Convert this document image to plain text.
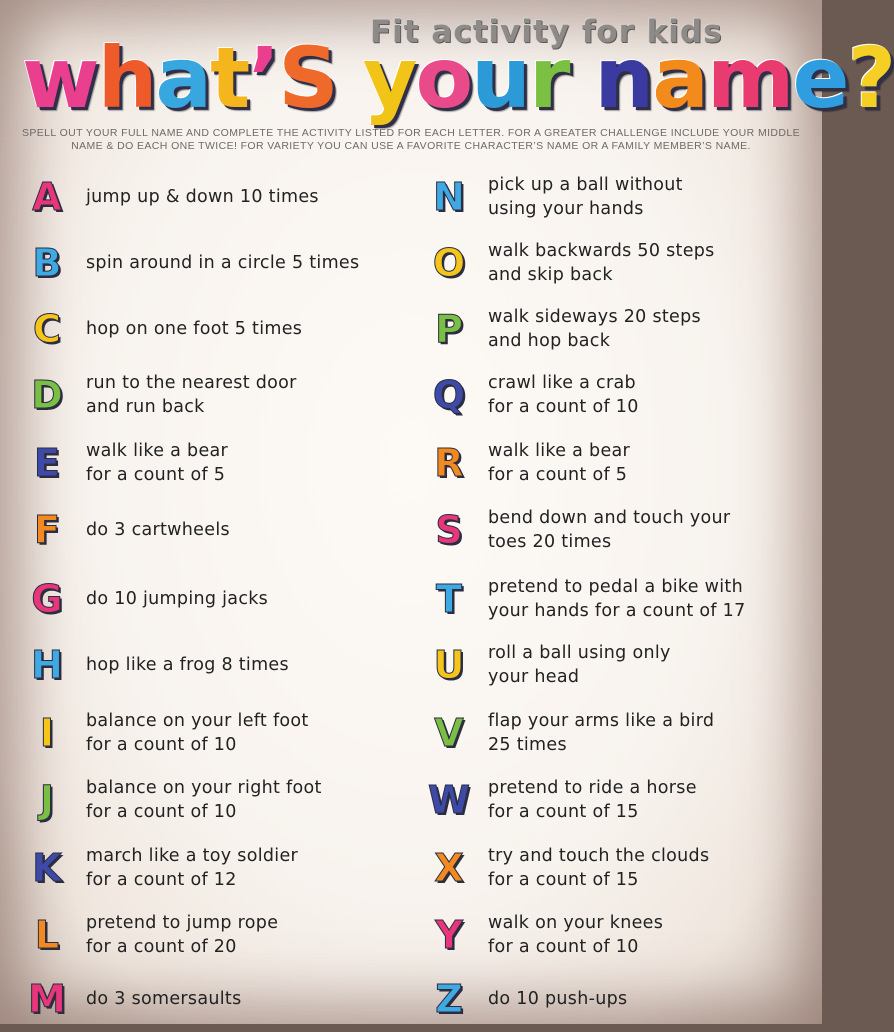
Fit activity for kids
what’S your name?
SPELL OUT YOUR FULL NAME AND COMPLETE THE ACTIVITY LISTED FOR EACH LETTER. FOR A GREATER CHALLENGE INCLUDE YOUR MIDDLE NAME & DO EACH ONE TWICE! FOR VARIETY YOU CAN USE A FAVORITE CHARACTER’S NAME OR A FAMILY MEMBER’S NAME.
A	jump up & down 10 times
B	spin around in a circle 5 times
C	hop on one foot 5 times
D	run to the nearest door
and run back
E	walk like a bear
for a count of 5
F	do 3 cartwheels
G	do 10 jumping jacks
H	hop like a frog 8 times
I	balance on your left foot
for a count of 10
J	balance on your right foot
for a count of 10
K	march like a toy soldier
for a count of 12
L	pretend to jump rope
for a count of 20
M	do 3 somersaults
N	pick up a ball without
using your hands
O	walk backwards 50 steps
and skip back
P	walk sideways 20 steps
and hop back
Q	crawl like a crab
for a count of 10
R	walk like a bear
for a count of 5
S	bend down and touch your
toes 20 times
T	pretend to pedal a bike with
your hands for a count of 17
U	roll a ball using only
your head
V	flap your arms like a bird
25 times
W pretend to ride a horse
for a count of 15
X	try and touch the clouds
for a count of 15
Y	walk on your knees
for a count of 10
Z	do 10 push-ups
